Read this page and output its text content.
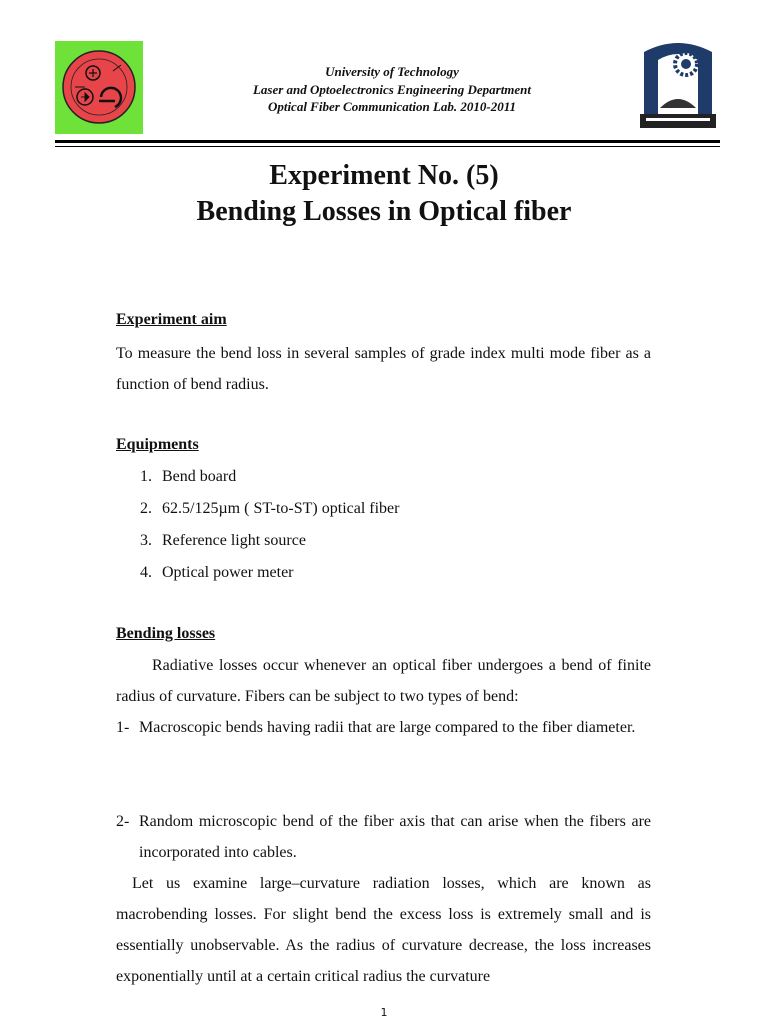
University of Technology
Laser and Optoelectronics Engineering Department
Optical Fiber Communication Lab. 2010-2011
Experiment No. (5)
Bending Losses in Optical fiber
Experiment aim
To measure the bend loss in several samples of grade index multi mode fiber as a function of bend radius.
Equipments
1. Bend board
2. 62.5/125µm ( ST-to-ST) optical fiber
3. Reference light source
4. Optical power meter
Bending losses
Radiative losses occur whenever an optical fiber undergoes a bend of finite radius of curvature. Fibers can be subject to two types of bend:
1- Macroscopic bends having radii that are large compared to the fiber diameter.
2- Random microscopic bend of the fiber axis that can arise when the fibers are incorporated into cables.
Let us examine large–curvature radiation losses, which are known as macrobending losses. For slight bend the excess loss is extremely small and is essentially unobservable. As the radius of curvature decrease, the loss increases exponentially until at a certain critical radius the curvature
1
